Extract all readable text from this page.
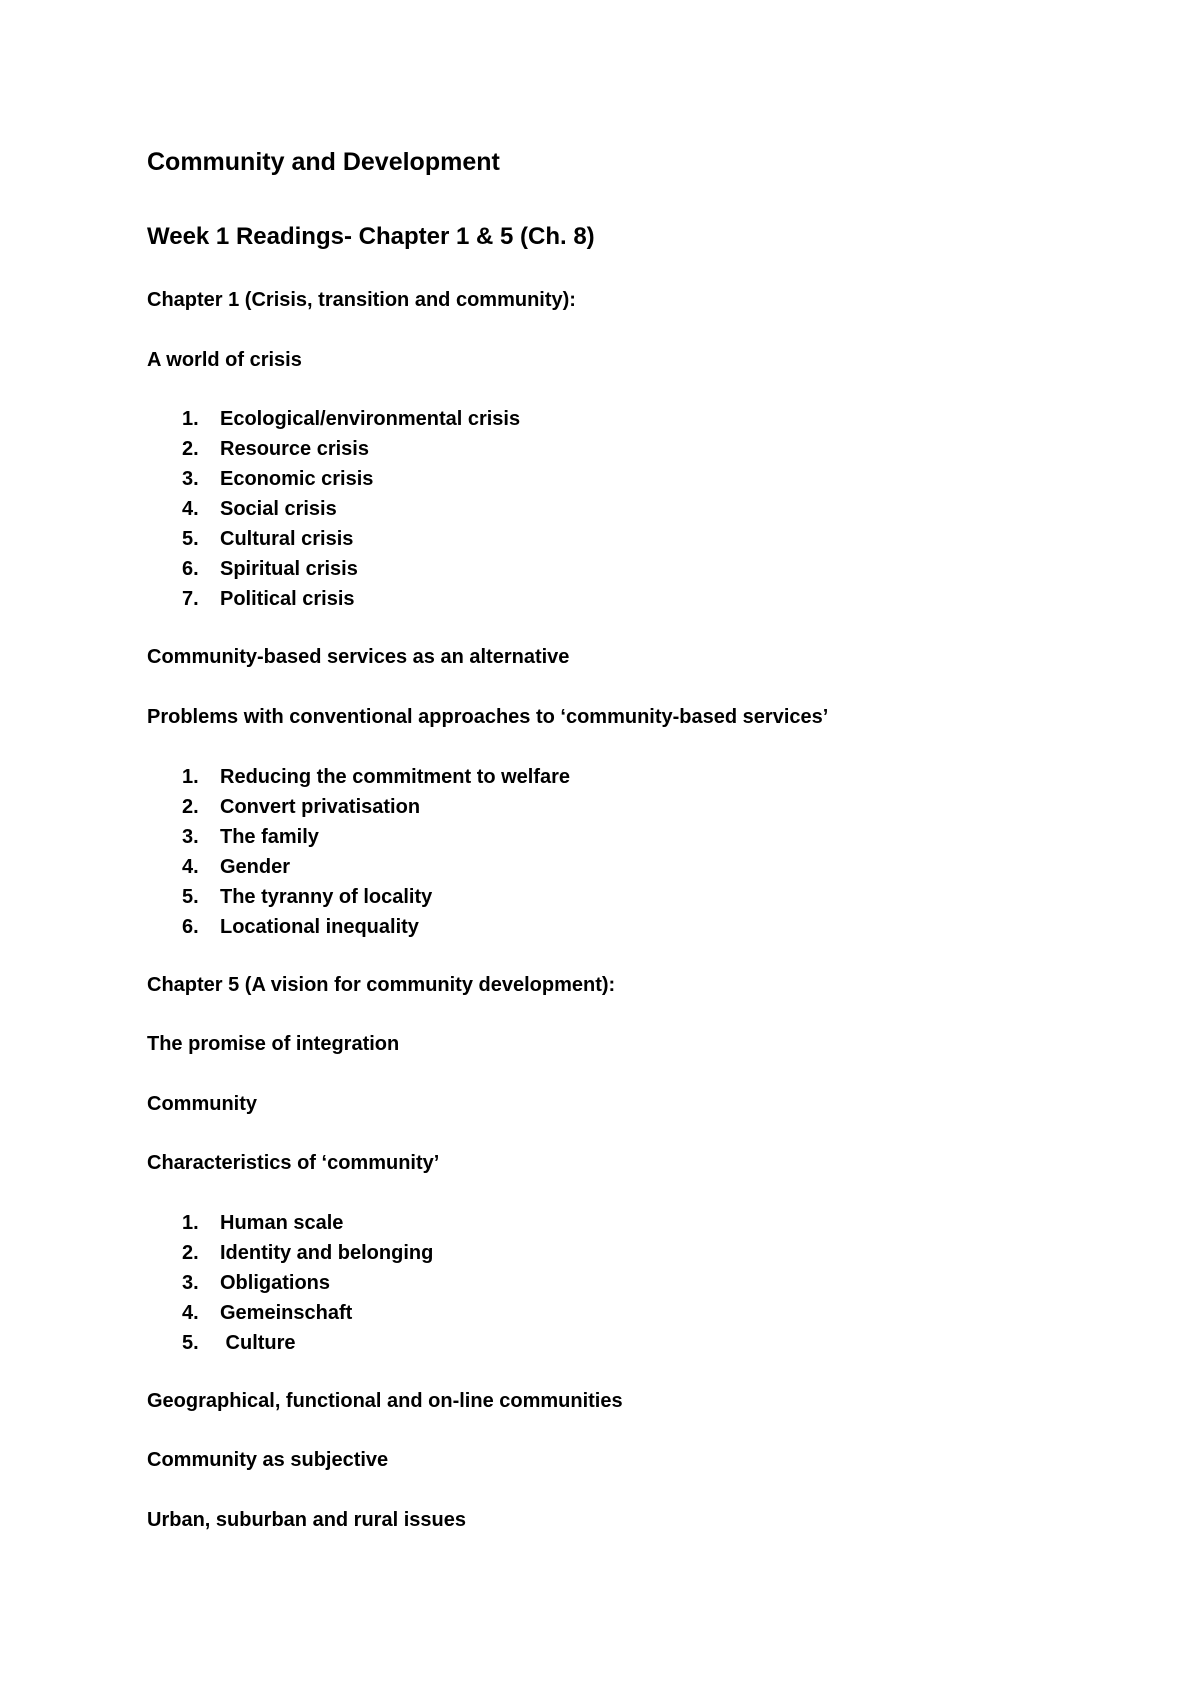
Community and Development

Week 1 Readings- Chapter 1 & 5 (Ch. 8)

Chapter 1 (Crisis, transition and community):

A world of crisis

1.	Ecological/environmental crisis
2.	Resource crisis
3.	Economic crisis
4.	Social crisis
5.	Cultural crisis
6.	Spiritual crisis
7.	Political crisis

Community-based services as an alternative

Problems with conventional approaches to ‘community-based services’

1.	Reducing the commitment to welfare
2.	Convert privatisation
3.	The family
4.	Gender
5.	The tyranny of locality
6.	Locational inequality

Chapter 5 (A vision for community development):

The promise of integration

Community

Characteristics of ‘community’

1.	Human scale
2.	Identity and belonging
3.	Obligations
4.	Gemeinschaft
5.	Culture

Geographical, functional and on-line communities

Community as subjective

Urban, suburban and rural issues
